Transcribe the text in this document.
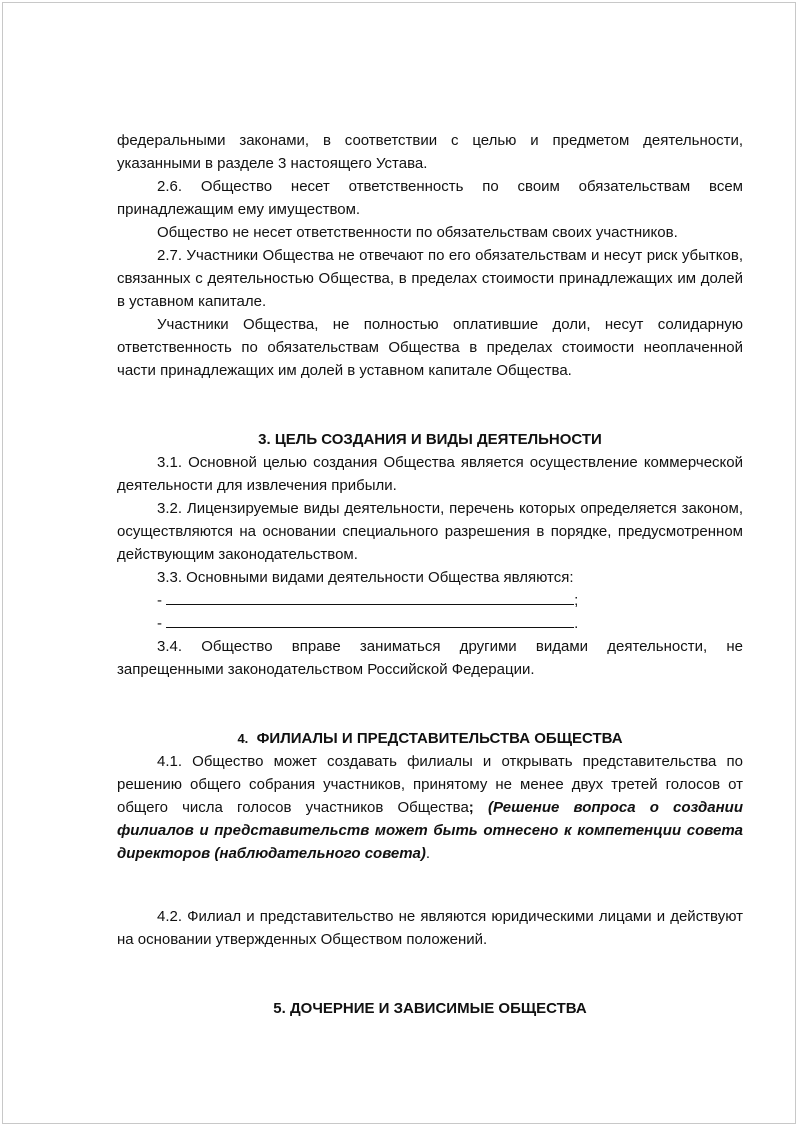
федеральными законами, в соответствии с целью и предметом деятельности, указанными в разделе 3 настоящего Устава.

2.6. Общество несет ответственность по своим обязательствам всем принадлежащим ему имуществом.

Общество не несет ответственности по обязательствам своих участников.

2.7. Участники Общества не отвечают по его обязательствам и несут риск убытков, связанных с деятельностью Общества, в пределах стоимости принадлежащих им долей в уставном капитале.

Участники Общества, не полностью оплатившие доли, несут солидарную ответственность по обязательствам Общества в пределах стоимости неоплаченной части принадлежащих им долей в уставном капитале Общества.

3. ЦЕЛЬ СОЗДАНИЯ И ВИДЫ ДЕЯТЕЛЬНОСТИ

3.1. Основной целью создания Общества является осуществление коммерческой деятельности для извлечения прибыли.

3.2. Лицензируемые виды деятельности, перечень которых определяется законом, осуществляются на основании специального разрешения в порядке, предусмотренном действующим законодательством.

3.3. Основными видами деятельности Общества являются:

-	;

-	.

3.4. Общество вправе заниматься другими видами деятельности, не запрещенными законодательством Российской Федерации.

4. ФИЛИАЛЫ И ПРЕДСТАВИТЕЛЬСТВА ОБЩЕСТВА

4.1. Общество может создавать филиалы и открывать представительства по решению общего собрания участников, принятому не менее двух третей голосов от общего числа голосов участников Общества; (Решение вопроса о создании филиалов и представительств может быть отнесено к компетенции совета директоров (наблюдательного совета).

4.2. Филиал и представительство не являются юридическими лицами и действуют на основании утвержденных Обществом положений.

5. ДОЧЕРНИЕ И ЗАВИСИМЫЕ ОБЩЕСТВА
